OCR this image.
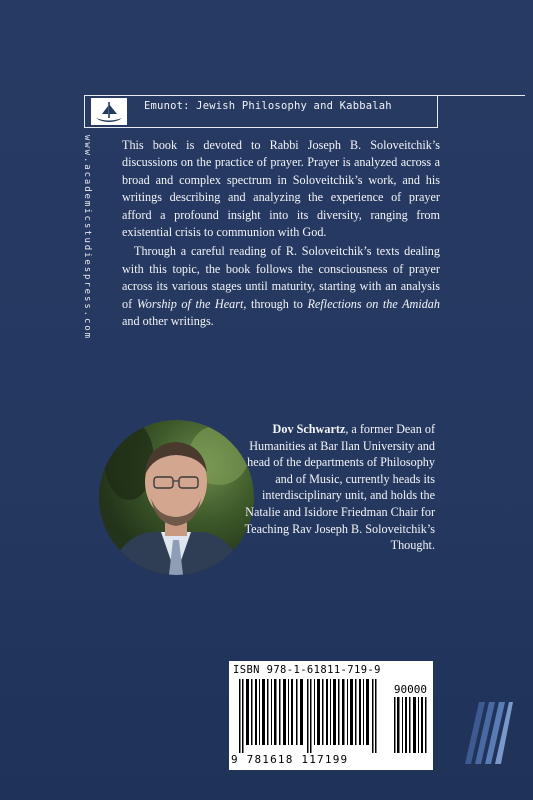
Emunot: Jewish Philosophy and Kabbalah
www.academicstudiespress.com This book is devoted to Rabbi Joseph B. Soloveitchik’s discussions on the practice of prayer. Prayer is analyzed across a broad and complex spectrum in Soloveitchik’s work, and his writings describing and analyzing the experience of prayer afford a profound insight into its diversity, ranging from existential crisis to communion with God.

Through a careful reading of R. Soloveitchik’s texts dealing with this topic, the book follows the consciousness of prayer across its various stages until maturity, starting with an analysis of Worship of the Heart, through to Reflections on the Amidah and other writings.

Dov Schwartz, a former Dean of Humanities at Bar Ilan University and head of the departments of Philosophy and of Music, currently heads its interdisciplinary unit, and holds the Natalie and Isidore Friedman Chair for Teaching Rav Joseph B. Soloveitchik’s Thought.
ISBN 978-1-61811-719-9
90000
9 781618 117199
